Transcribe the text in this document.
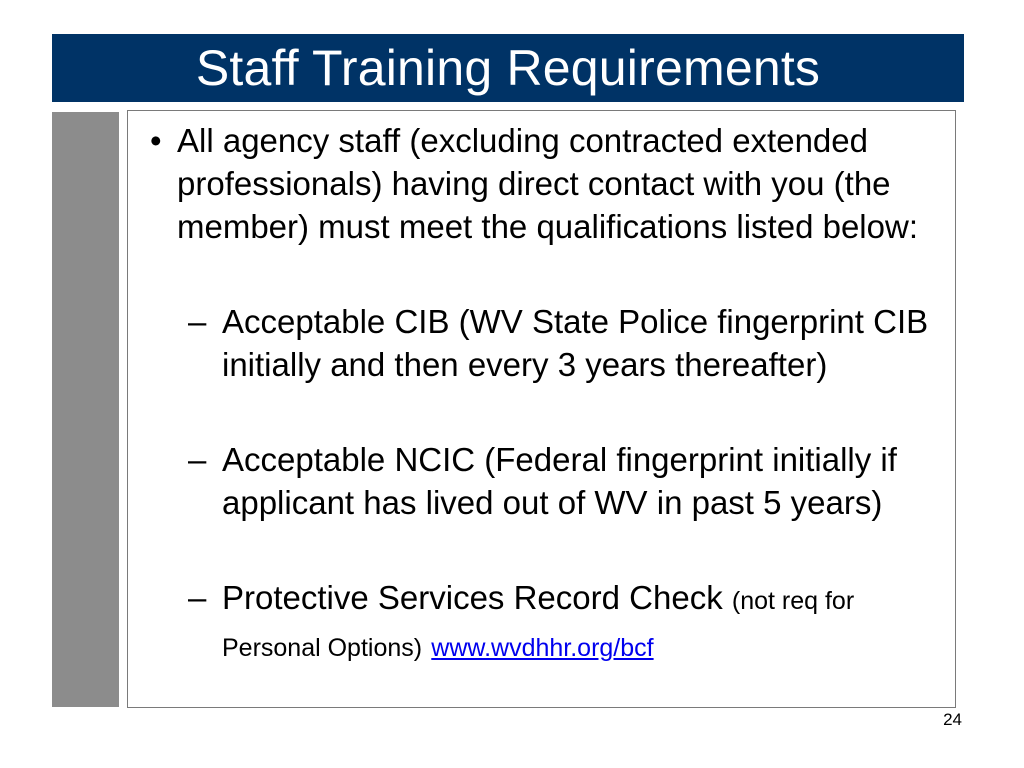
Staff Training Requirements
• All agency staff (excluding contracted extended professionals) having direct contact with you (the member) must meet the qualifications listed below:
– Acceptable CIB (WV State Police fingerprint CIB initially and then every 3 years thereafter)
– Acceptable NCIC (Federal fingerprint initially if applicant has lived out of WV in past 5 years)
– Protective Services Record Check (not req for Personal Options) www.wvdhhr.org/bcf
24
